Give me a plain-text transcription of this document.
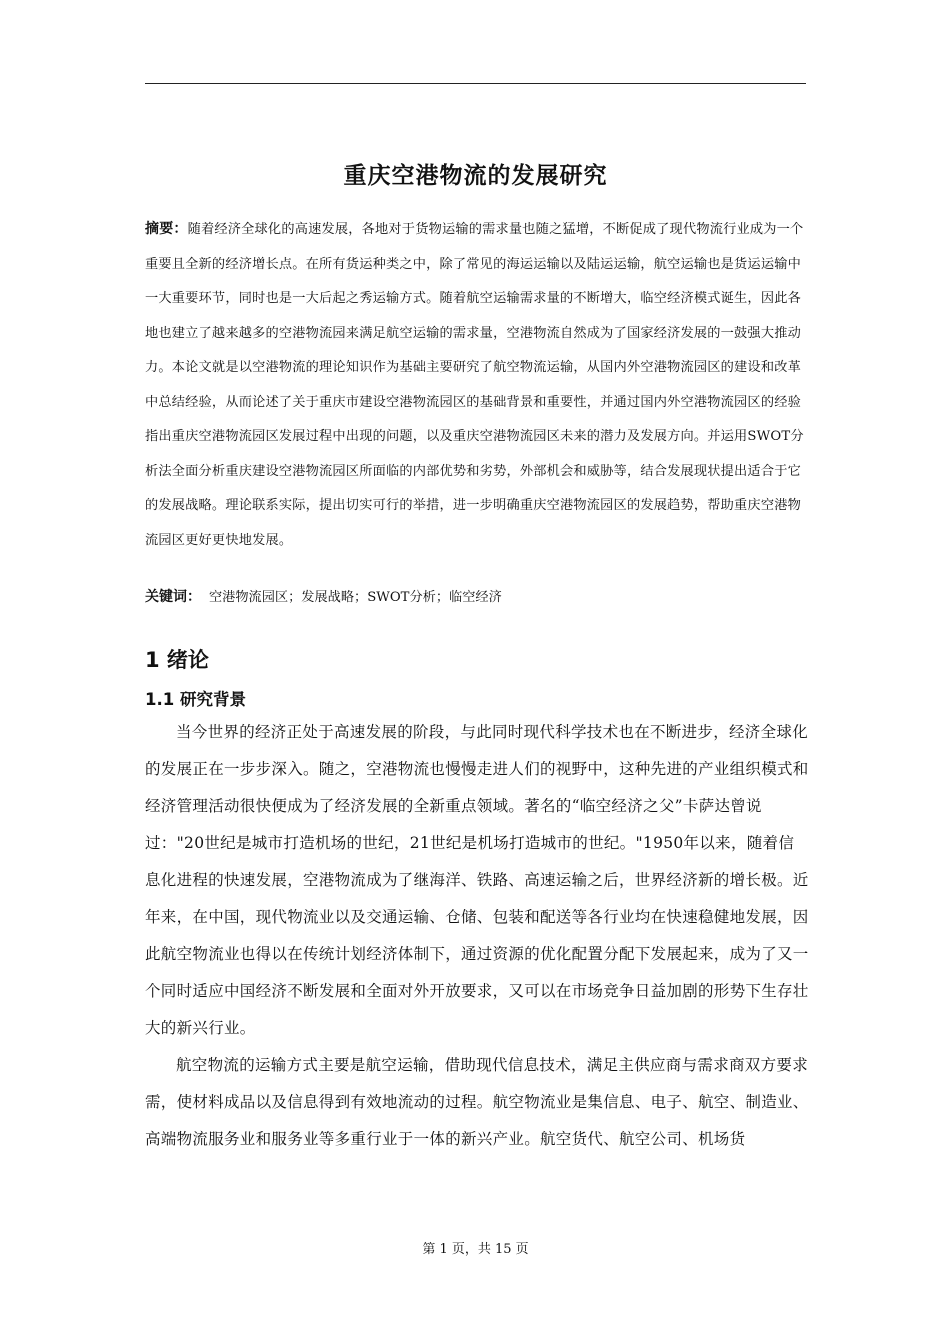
重庆空港物流的发展研究
摘要：随着经济全球化的高速发展，各地对于货物运输的需求量也随之猛增，不断促成了现代物流行业成为一个重要且全新的经济增长点。在所有货运种类之中，除了常见的海运运输以及陆运运输，航空运输也是货运运输中一大重要环节，同时也是一大后起之秀运输方式。随着航空运输需求量的不断增大，临空经济模式诞生，因此各地也建立了越来越多的空港物流园来满足航空运输的需求量，空港物流自然成为了国家经济发展的一鼓强大推动力。本论文就是以空港物流的理论知识作为基础主要研究了航空物流运输，从国内外空港物流园区的建设和改革中总结经验，从而论述了关于重庆市建设空港物流园区的基础背景和重要性，并通过国内外空港物流园区的经验指出重庆空港物流园区发展过程中出现的问题，以及重庆空港物流园区未来的潜力及发展方向。并运用SWOT分析法全面分析重庆建设空港物流园区所面临的内部优势和劣势，外部机会和威胁等，结合发展现状提出适合于它的发展战略。理论联系实际，提出切实可行的举措，进一步明确重庆空港物流园区的发展趋势，帮助重庆空港物流园区更好更快地发展。
关键词： 空港物流园区；发展战略；SWOT分析；临空经济
1 绪论
1.1 研究背景

当今世界的经济正处于高速发展的阶段，与此同时现代科学技术也在不断进步，经济全球化的发展正在一步步深入。随之，空港物流也慢慢走进人们的视野中，这种先进的产业组织模式和经济管理活动很快便成为了经济发展的全新重点领域。著名的“临空经济之父”卡萨达曾说过："20世纪是城市打造机场的世纪，21世纪是机场打造城市的世纪。"1950年以来，随着信息化进程的快速发展，空港物流成为了继海洋、铁路、高速运输之后，世界经济新的增长极。近年来，在中国，现代物流业以及交通运输、仓储、包装和配送等各行业均在快速稳健地发展，因此航空物流业也得以在传统计划经济体制下，通过资源的优化配置分配下发展起来，成为了又一个同时适应中国经济不断发展和全面对外开放要求，又可以在市场竞争日益加剧的形势下生存壮大的新兴行业。

航空物流的运输方式主要是航空运输，借助现代信息技术，满足主供应商与需求商双方要求需，使材料成品以及信息得到有效地流动的过程。航空物流业是集信息、电子、航空、制造业、高端物流服务业和服务业等多重行业于一体的新兴产业。航空货代、航空公司、机场货

第 1 页，共 15 页
